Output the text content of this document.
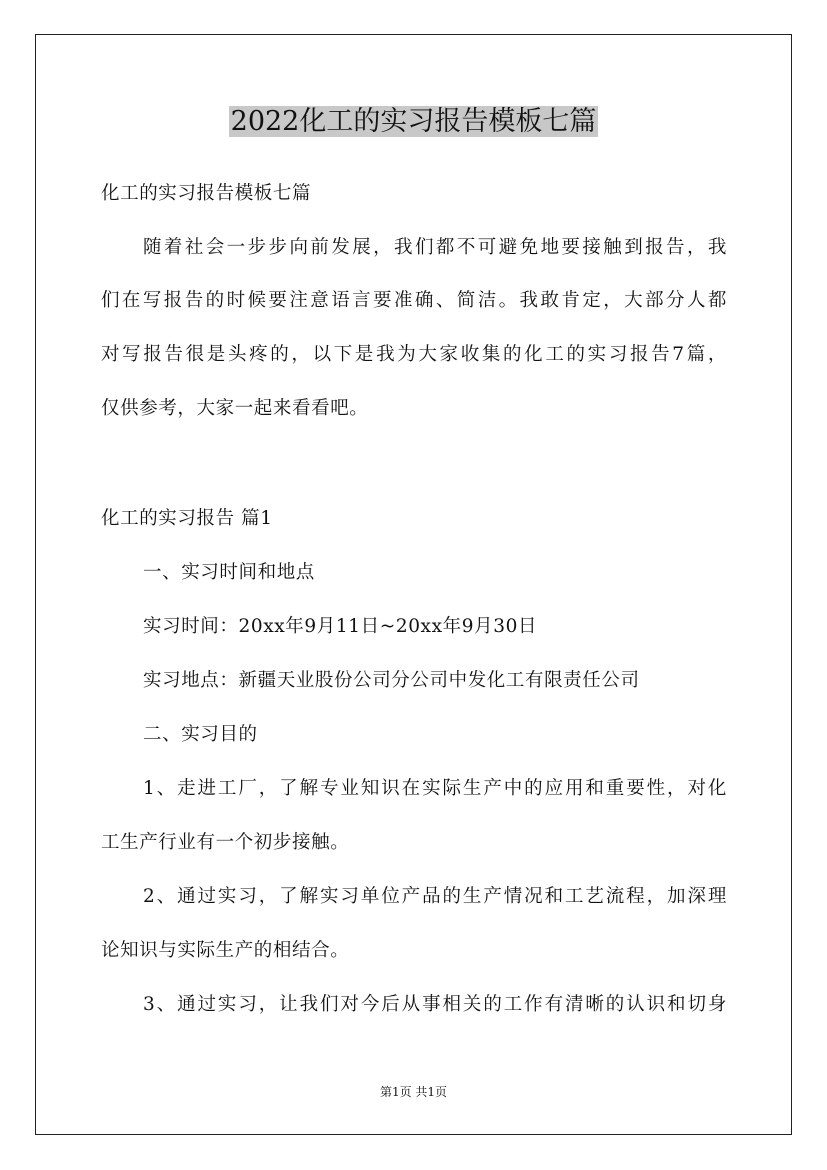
2022化工的实习报告模板七篇
化工的实习报告模板七篇
随着社会一步步向前发展，我们都不可避免地要接触到报告，我
们在写报告的时候要注意语言要准确、简洁。我敢肯定，大部分人都
对写报告很是头疼的，以下是我为大家收集的化工的实习报告7篇，
仅供参考，大家一起来看看吧。
化工的实习报告 篇1
一、实习时间和地点
实习时间：20xx年9月11日~20xx年9月30日
实习地点：新疆天业股份公司分公司中发化工有限责任公司
二、实习目的
1、走进工厂，了解专业知识在实际生产中的应用和重要性，对化
工生产行业有一个初步接触。
2、通过实习，了解实习单位产品的生产情况和工艺流程，加深理
论知识与实际生产的相结合。
3、通过实习，让我们对今后从事相关的工作有清晰的认识和切身
第1页 共1页
